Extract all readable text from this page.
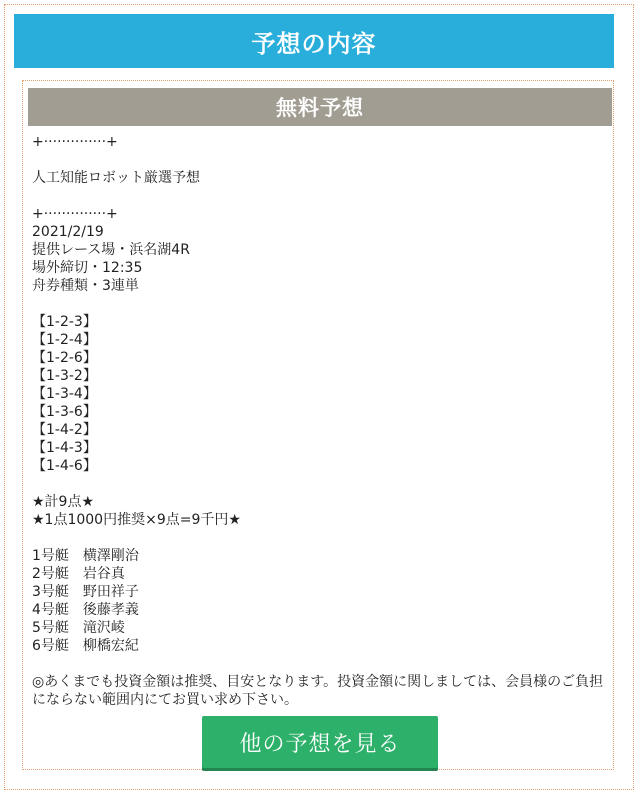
予想の内容
無料予想
+··············+
人工知能ロボット厳選予想
+··············+
2021/2/19
提供レース場・浜名湖4R
場外締切・12:35
舟券種類・3連単
【1-2-3】
【1-2-4】
【1-2-6】
【1-3-2】
【1-3-4】
【1-3-6】
【1-4-2】
【1-4-3】
【1-4-6】
★計9点★
★1点1000円推奨×9点=9千円★
1号艇　横澤剛治
2号艇　岩谷真
3号艇　野田祥子
4号艇　後藤孝義
5号艇　滝沢崚
6号艇　柳橋宏紀
◎あくまでも投資金額は推奨、目安となります。投資金額に関しましては、会員様のご負担にならない範囲内にてお買い求め下さい。
他の予想を見る
